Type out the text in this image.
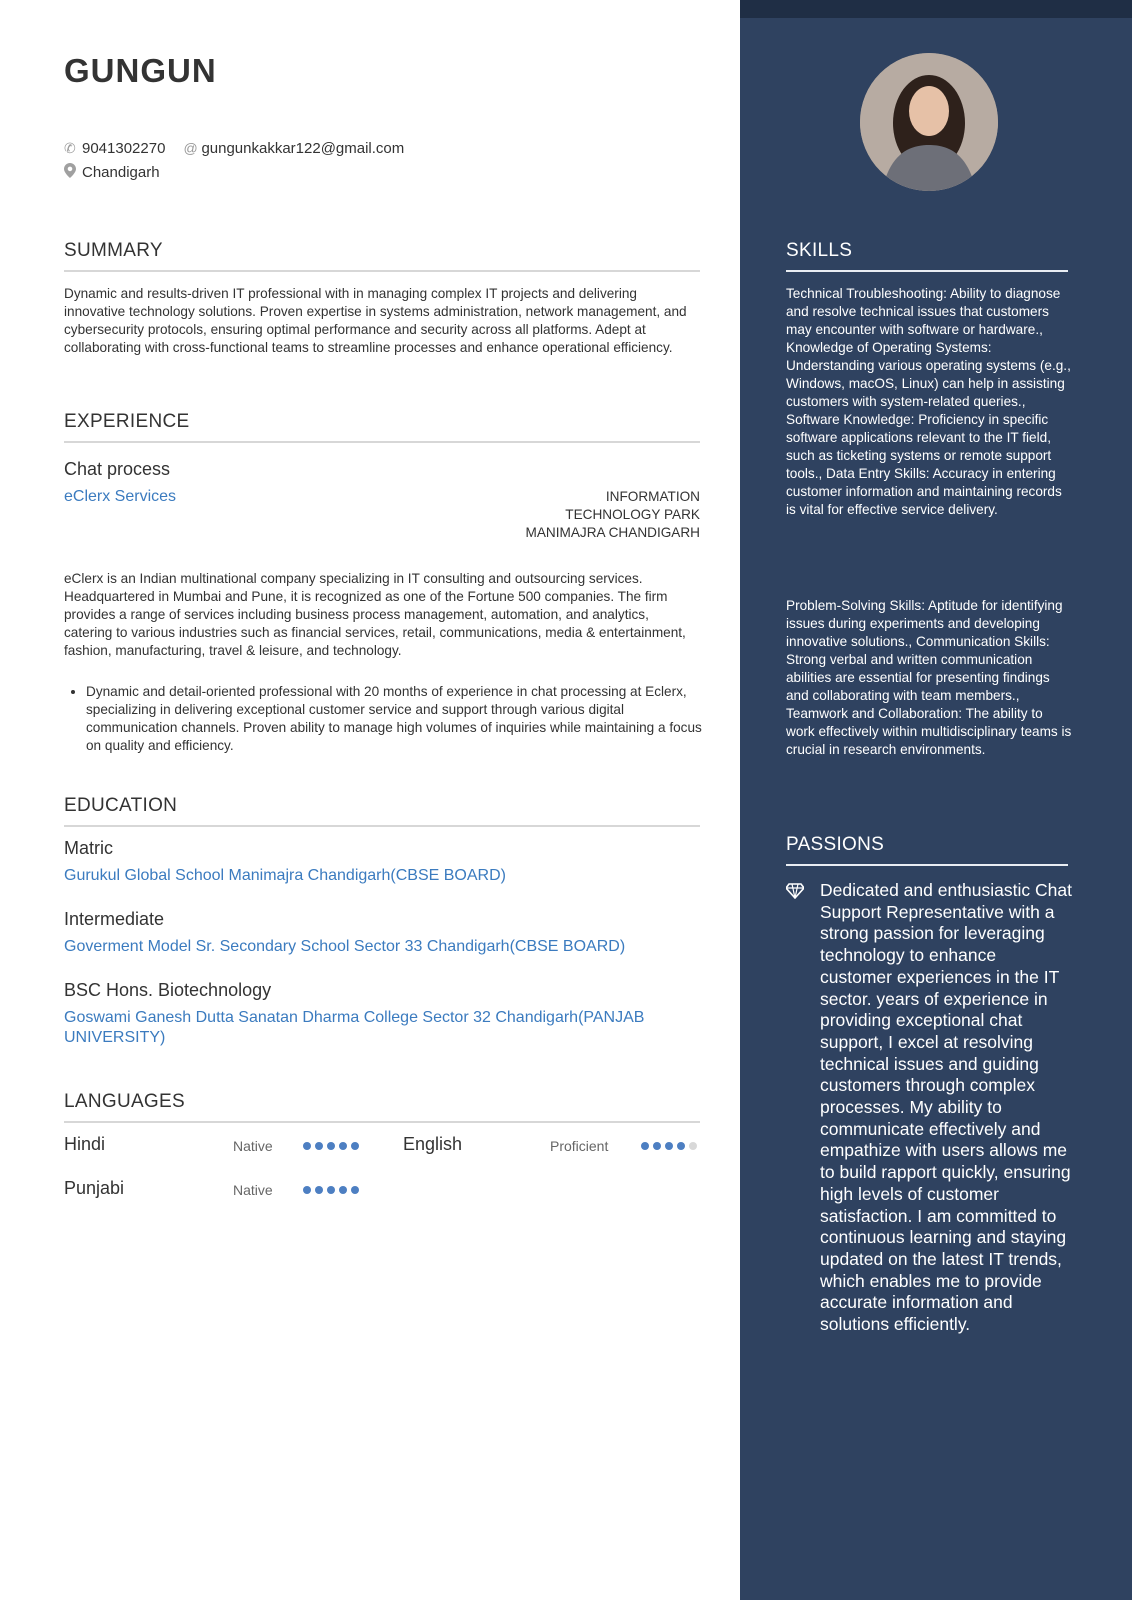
GUNGUN
✆ 9041302270 @ gungunkakkar122@gmail.com
Chandigarh
SUMMARY
Dynamic and results-driven IT professional with in managing complex IT projects and delivering innovative technology solutions. Proven expertise in systems administration, network management, and cybersecurity protocols, ensuring optimal performance and security across all platforms. Adept at collaborating with cross-functional teams to streamline processes and enhance operational efficiency.
EXPERIENCE
Chat process
eClerx Services	INFORMATION TECHNOLOGY PARK MANIMAJRA CHANDIGARH
eClerx is an Indian multinational company specializing in IT consulting and outsourcing services. Headquartered in Mumbai and Pune, it is recognized as one of the Fortune 500 companies. The firm provides a range of services including business process management, automation, and analytics, catering to various industries such as financial services, retail, communications, media & entertainment, fashion, manufacturing, travel & leisure, and technology.
• Dynamic and detail-oriented professional with 20 months of experience in chat processing at Eclerx, specializing in delivering exceptional customer service and support through various digital communication channels. Proven ability to manage high volumes of inquiries while maintaining a focus on quality and efficiency.
EDUCATION
Matric
Gurukul Global School Manimajra Chandigarh(CBSE BOARD)
Intermediate
Goverment Model Sr. Secondary School Sector 33 Chandigarh(CBSE BOARD)
BSC Hons. Biotechnology
Goswami Ganesh Dutta Sanatan Dharma College Sector 32 Chandigarh(PANJAB UNIVERSITY)
LANGUAGES
Hindi	Native	English	Proficient
Punjabi	Native
SKILLS
Technical Troubleshooting: Ability to diagnose and resolve technical issues that customers may encounter with software or hardware., Knowledge of Operating Systems: Understanding various operating systems (e.g., Windows, macOS, Linux) can help in assisting customers with system-related queries., Software Knowledge: Proficiency in specific software applications relevant to the IT field, such as ticketing systems or remote support tools., Data Entry Skills: Accuracy in entering customer information and maintaining records is vital for effective service delivery.
Problem-Solving Skills: Aptitude for identifying issues during experiments and developing innovative solutions., Communication Skills: Strong verbal and written communication abilities are essential for presenting findings and collaborating with team members., Teamwork and Collaboration: The ability to work effectively within multidisciplinary teams is crucial in research environments.
PASSIONS
Dedicated and enthusiastic Chat Support Representative with a strong passion for leveraging technology to enhance customer experiences in the IT sector. years of experience in providing exceptional chat support, I excel at resolving technical issues and guiding customers through complex processes. My ability to communicate effectively and empathize with users allows me to build rapport quickly, ensuring high levels of customer satisfaction. I am committed to continuous learning and staying updated on the latest IT trends, which enables me to provide accurate information and solutions efficiently.
